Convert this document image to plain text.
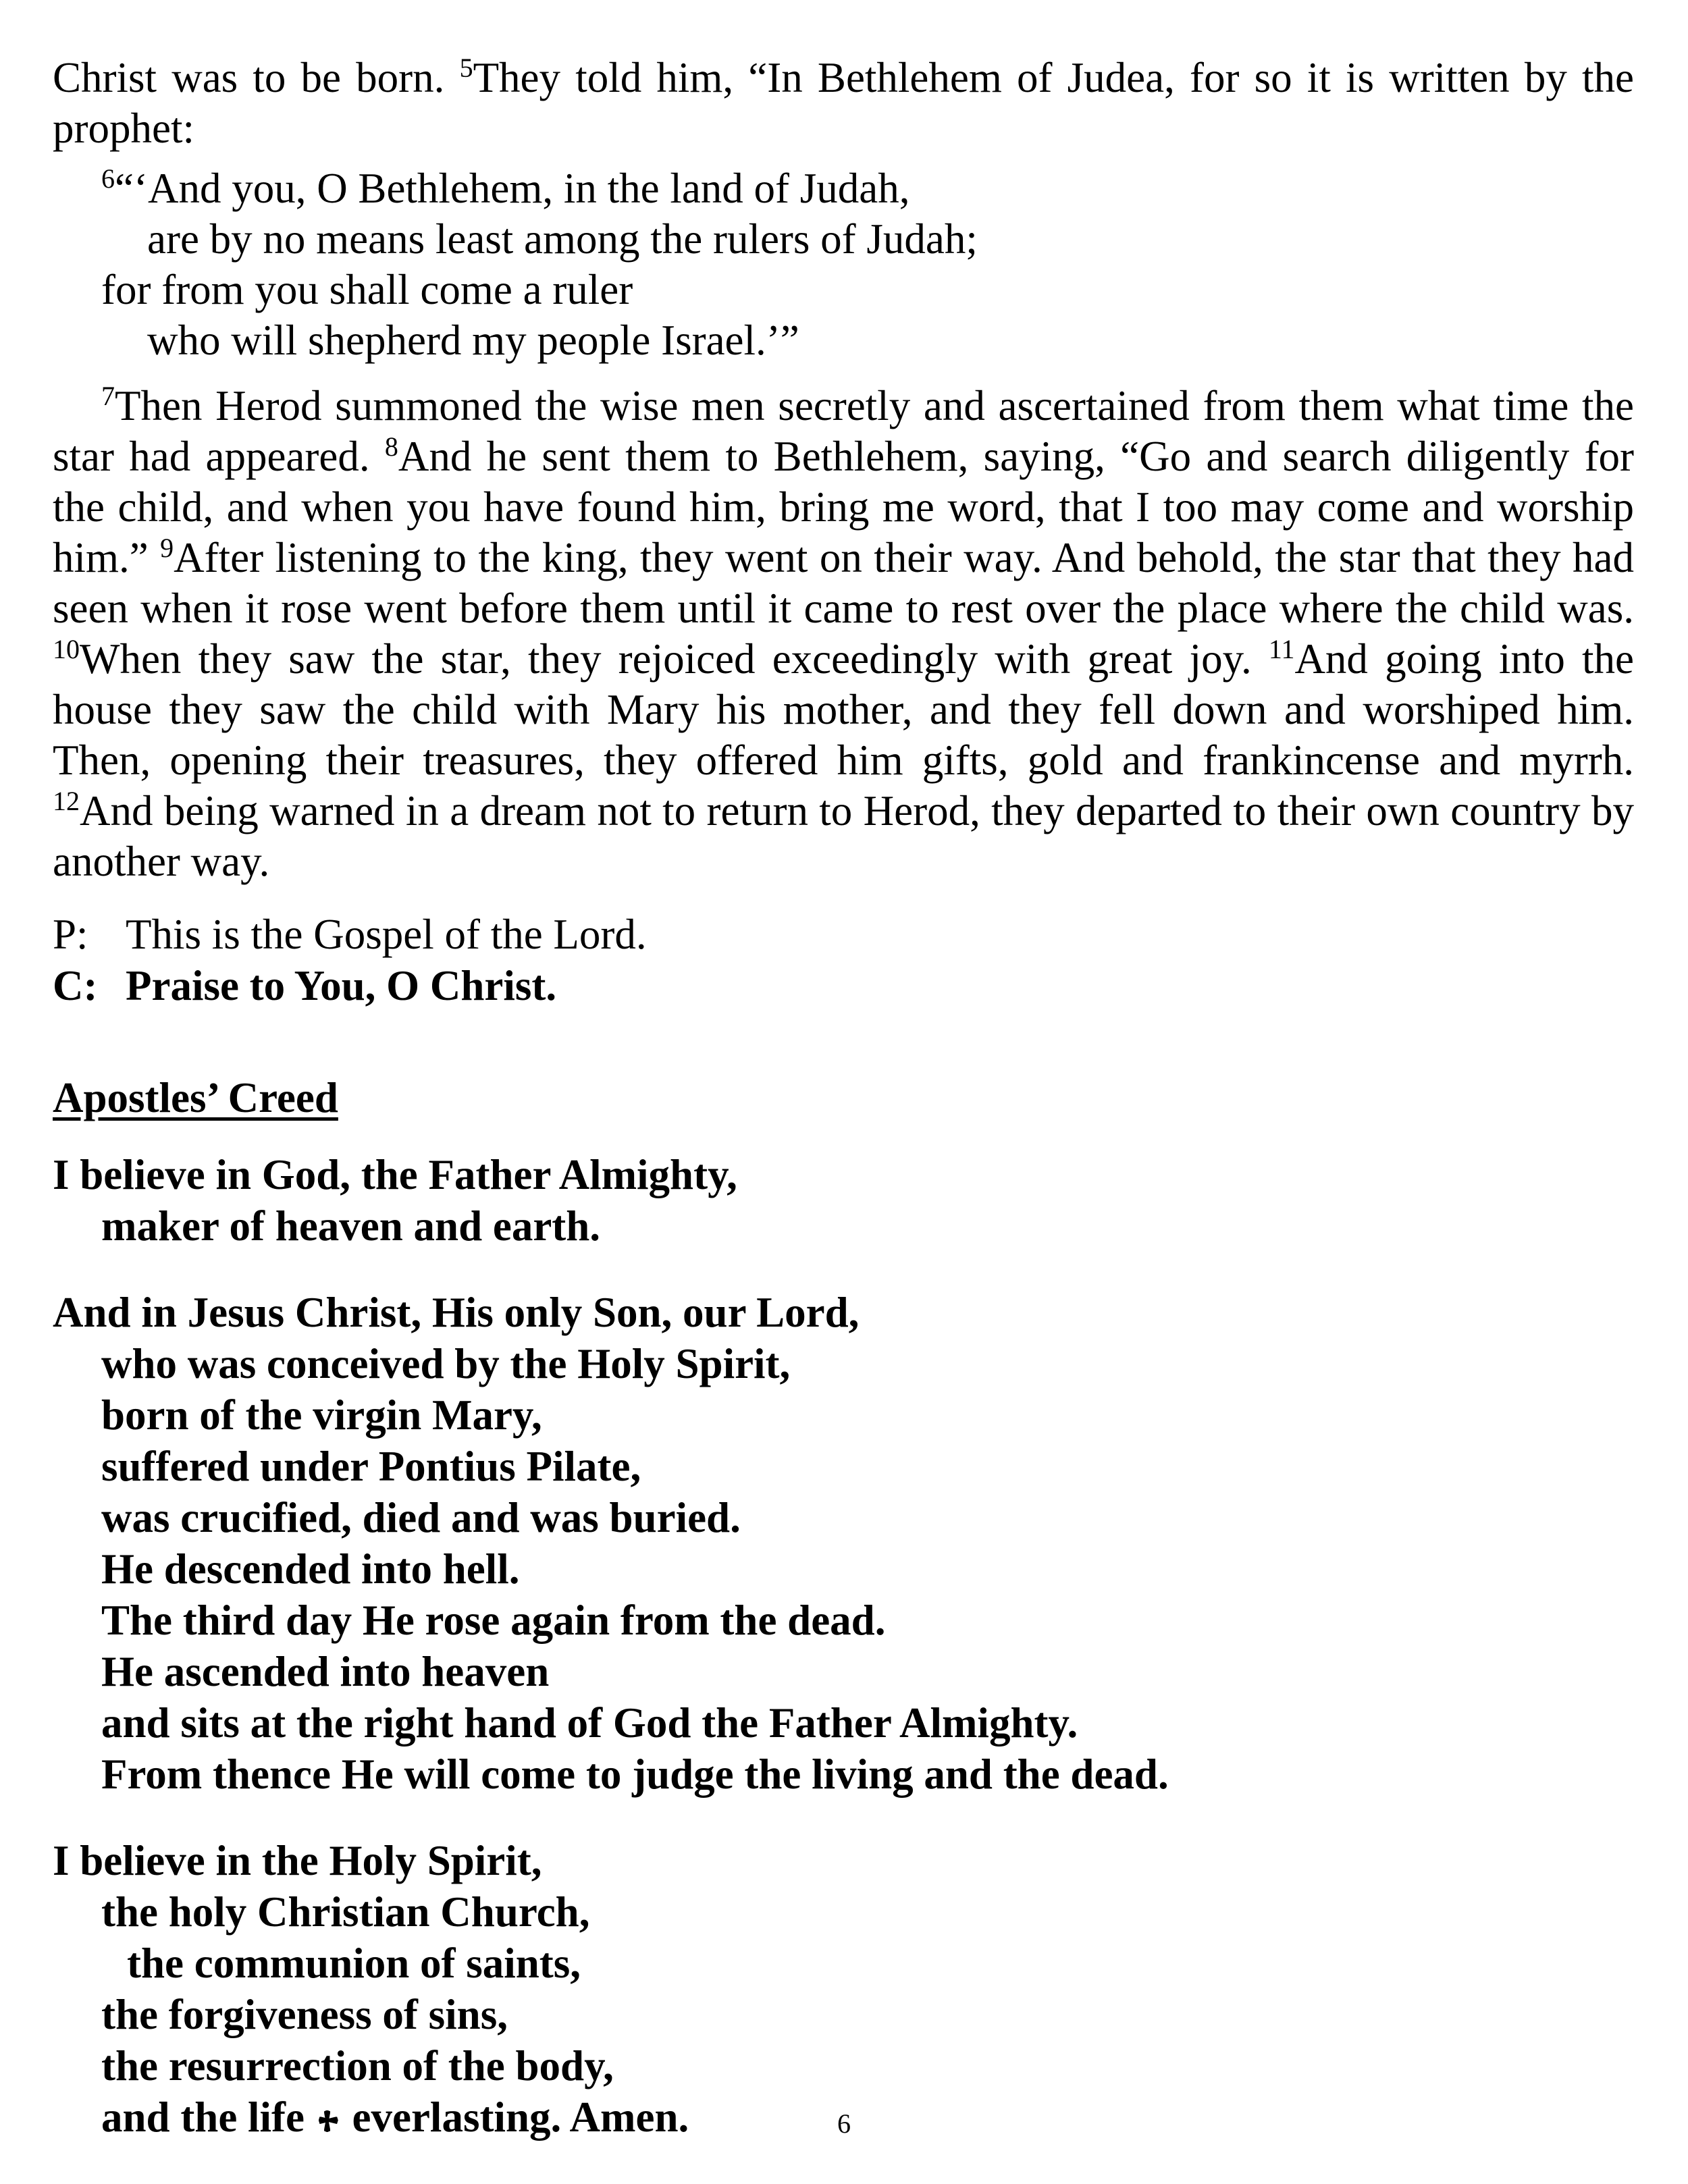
Christ was to be born. $^5$They told him, “In Bethlehem of Judea, for so it is written by the prophet:

$^6$“‘And you, O Bethlehem, in the land of Judah,

are by no means least among the rulers of Judah;

for from you shall come a ruler

who will shepherd my people Israel.’”

$^7$Then Herod summoned the wise men secretly and ascertained from them what time the star had appeared. $^8$And he sent them to Bethlehem, saying, “Go and search diligently for the child, and when you have found him, bring me word, that I too may come and worship him.” $^9$After listening to the king, they went on their way. And behold, the star that they had seen when it rose went before them until it came to rest over the place where the child was. $^{10}$When they saw the star, they rejoiced exceedingly with great joy. $^{11}$And going into the house they saw the child with Mary his mother, and they fell down and worshiped him. Then, opening their treasures, they offered him gifts, gold and frankincense and myrrh. $^{12}$And being warned in a dream not to return to Herod, they departed to their own country by another way.

P: This is the Gospel of the Lord.
C: Praise to You, O Christ.
Apostles’ Creed

I believe in God, the Father Almighty,

maker of heaven and earth.

And in Jesus Christ, His only Son, our Lord,

who was conceived by the Holy Spirit,

born of the virgin Mary,

suffered under Pontius Pilate,

was crucified, died and was buried.

He descended into hell.

The third day He rose again from the dead.

He ascended into heaven

and sits at the right hand of God the Father Almighty.

From thence He will come to judge the living and the dead.

I believe in the Holy Spirit,

the holy Christian Church,

the communion of saints,

the forgiveness of sins,

the resurrection of the body,

and the life  everlasting. Amen.	6
